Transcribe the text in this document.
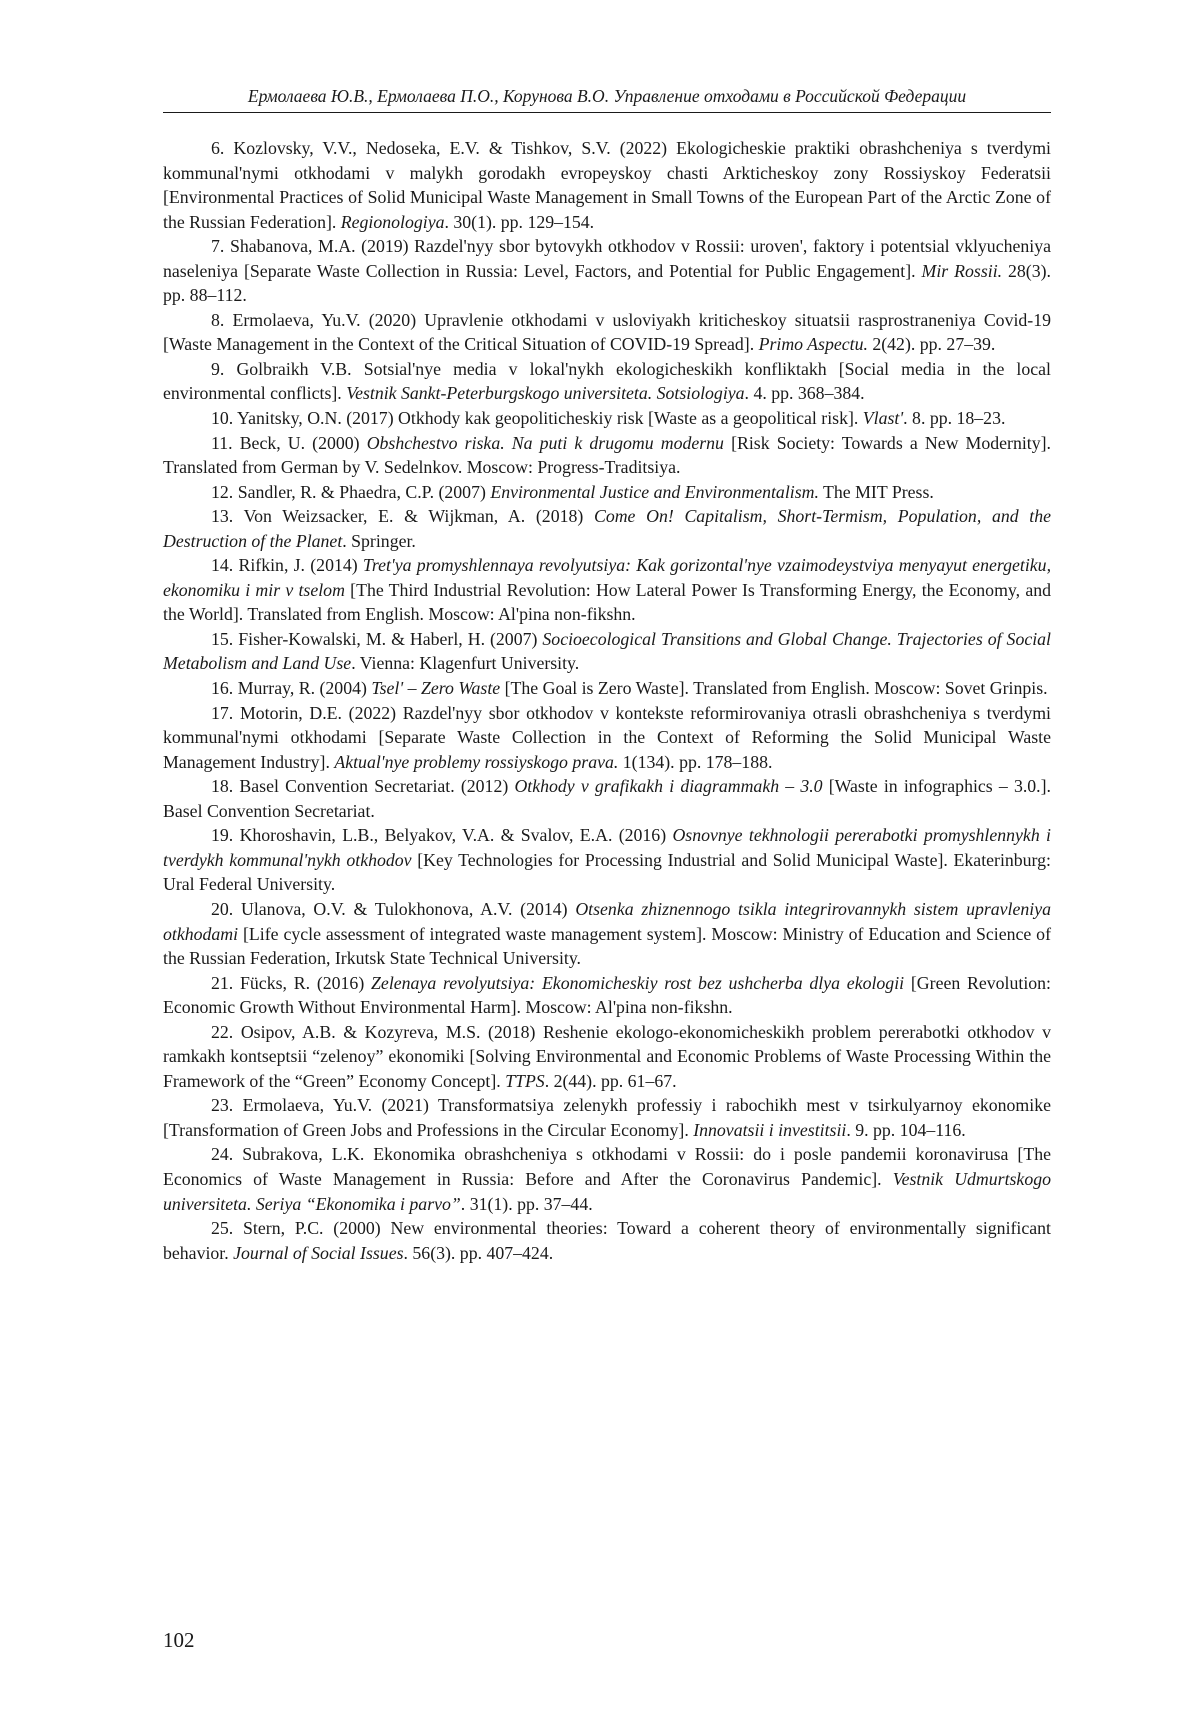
Ермолаева Ю.В., Ермолаева П.О., Корунова В.О. Управление отходами в Российской Федерации

6. Kozlovsky, V.V., Nedoseka, E.V. & Tishkov, S.V. (2022) Ekologicheskie praktiki obrashcheniya s tverdymi kommunal'nymi otkhodami v malykh gorodakh evropeyskoy chasti Arkticheskoy zony Rossiyskoy Federatsii [Environmental Practices of Solid Municipal Waste Management in Small Towns of the European Part of the Arctic Zone of the Russian Federation]. Regionologiya. 30(1). pp. 129–154.

7. Shabanova, M.A. (2019) Razdel'nyy sbor bytovykh otkhodov v Rossii: uroven', faktory i potentsial vklyucheniya naseleniya [Separate Waste Collection in Russia: Level, Factors, and Potential for Public Engagement]. Mir Rossii. 28(3). pp. 88–112.

8. Ermolaeva, Yu.V. (2020) Upravlenie otkhodami v usloviyakh kriticheskoy situatsii rasprostraneniya Covid-19 [Waste Management in the Context of the Critical Situation of COVID-19 Spread]. Primo Aspectu. 2(42). pp. 27–39.

9. Golbraikh V.B. Sotsial'nye media v lokal'nykh ekologicheskikh konfliktakh [Social media in the local environmental conflicts]. Vestnik Sankt-Peterburgskogo universiteta. Sotsiologiya. 4. pp. 368–384.

10. Yanitsky, O.N. (2017) Otkhody kak geopoliticheskiy risk [Waste as a geopolitical risk]. Vlast'. 8. pp. 18–23.

11. Beck, U. (2000) Obshchestvo riska. Na puti k drugomu modernu [Risk Society: Towards a New Modernity]. Translated from German by V. Sedelnkov. Moscow: Progress-Traditsiya.

12. Sandler, R. & Phaedra, C.P. (2007) Environmental Justice and Environmentalism. The MIT Press.

13. Von Weizsacker, E. & Wijkman, A. (2018) Come On! Capitalism, Short-Termism, Population, and the Destruction of the Planet. Springer.

14. Rifkin, J. (2014) Tret'ya promyshlennaya revolyutsiya: Kak gorizontal'nye vzaimodeystviya menyayut energetiku, ekonomiku i mir v tselom [The Third Industrial Revolution: How Lateral Power Is Transforming Energy, the Economy, and the World]. Translated from English. Moscow: Al'pina non-fikshn.

15. Fisher-Kowalski, M. & Haberl, H. (2007) Socioecological Transitions and Global Change. Trajectories of Social Metabolism and Land Use. Vienna: Klagenfurt University.

16. Murray, R. (2004) Tsel' – Zero Waste [The Goal is Zero Waste]. Translated from English. Moscow: Sovet Grinpis.

17. Motorin, D.E. (2022) Razdel'nyy sbor otkhodov v kontekste reformirovaniya otrasli obrashcheniya s tverdymi kommunal'nymi otkhodami [Separate Waste Collection in the Context of Reforming the Solid Municipal Waste Management Industry]. Aktual'nye problemy rossiyskogo prava. 1(134). pp. 178–188.

18. Basel Convention Secretariat. (2012) Otkhody v grafikakh i diagrammakh – 3.0 [Waste in infographics – 3.0.]. Basel Convention Secretariat.

19. Khoroshavin, L.B., Belyakov, V.A. & Svalov, E.A. (2016) Osnovnye tekhnologii pererabotki promyshlennykh i tverdykh kommunal'nykh otkhodov [Key Technologies for Processing Industrial and Solid Municipal Waste]. Ekaterinburg: Ural Federal University.

20. Ulanova, O.V. & Tulokhonova, A.V. (2014) Otsenka zhiznennogo tsikla integrirovannykh sistem upravleniya otkhodami [Life cycle assessment of integrated waste management system]. Moscow: Ministry of Education and Science of the Russian Federation, Irkutsk State Technical University.

21. Fücks, R. (2016) Zelenaya revolyutsiya: Ekonomicheskiy rost bez ushcherba dlya ekologii [Green Revolution: Economic Growth Without Environmental Harm]. Moscow: Al'pina non-fikshn.

22. Osipov, A.B. & Kozyreva, M.S. (2018) Reshenie ekologo-ekonomicheskikh problem pererabotki otkhodov v ramkakh kontseptsii “zelenoy” ekonomiki [Solving Environmental and Economic Problems of Waste Processing Within the Framework of the “Green” Economy Concept]. TTPS. 2(44). pp. 61–67.

23. Ermolaeva, Yu.V. (2021) Transformatsiya zelenykh professiy i rabochikh mest v tsirkulyarnoy ekonomike [Transformation of Green Jobs and Professions in the Circular Economy]. Innovatsii i investitsii. 9. pp. 104–116.

24. Subrakova, L.K. Ekonomika obrashcheniya s otkhodami v Rossii: do i posle pandemii koronavirusa [The Economics of Waste Management in Russia: Before and After the Coronavirus Pandemic]. Vestnik Udmurtskogo universiteta. Seriya “Ekonomika i parvo”. 31(1). pp. 37–44.

25. Stern, P.C. (2000) New environmental theories: Toward a coherent theory of environmentally significant behavior. Journal of Social Issues. 56(3). pp. 407–424.

102
